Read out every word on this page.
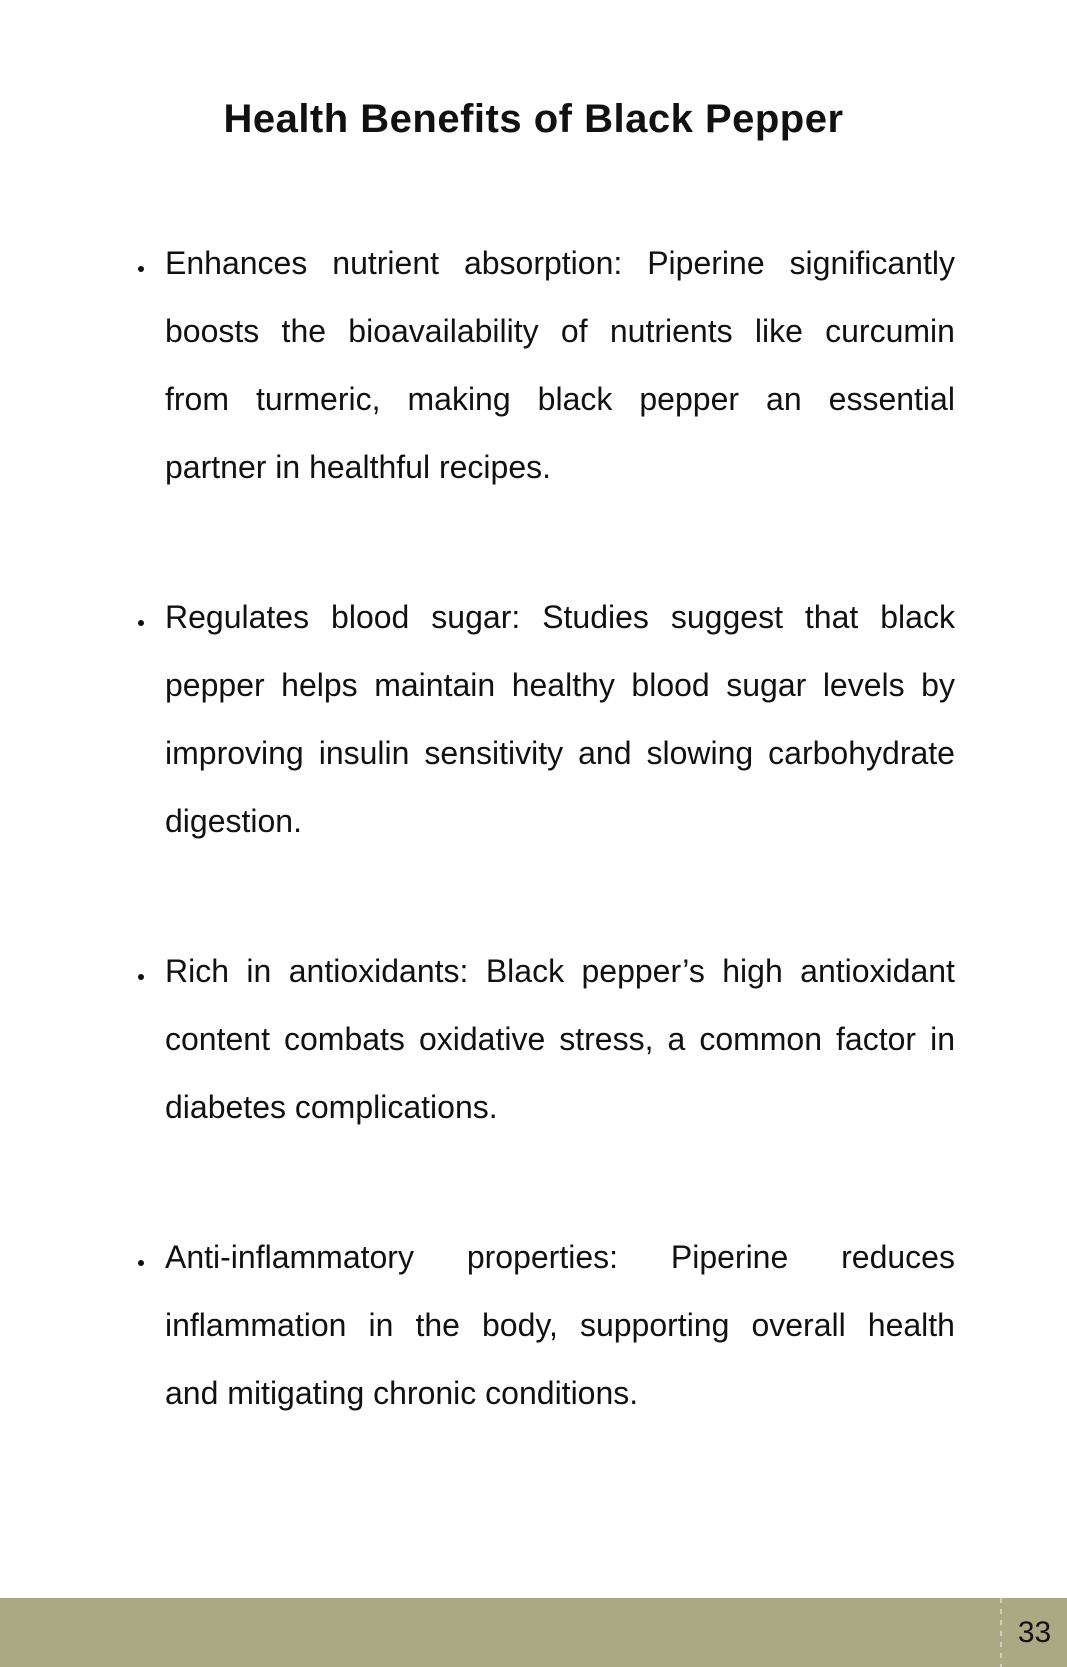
Health Benefits of Black Pepper
Enhances nutrient absorption: Piperine significantly
boosts the bioavailability of nutrients like curcumin
from turmeric, making black pepper an essential
partner in healthful recipes.
Regulates blood sugar: Studies suggest that black
pepper helps maintain healthy blood sugar levels by
improving insulin sensitivity and slowing carbohydrate
digestion.
Rich in antioxidants: Black pepper’s high antioxidant
content combats oxidative stress, a common factor in
diabetes complications.
Anti-inflammatory properties: Piperine reduces
inflammation in the body, supporting overall health
and mitigating chronic conditions.
33
